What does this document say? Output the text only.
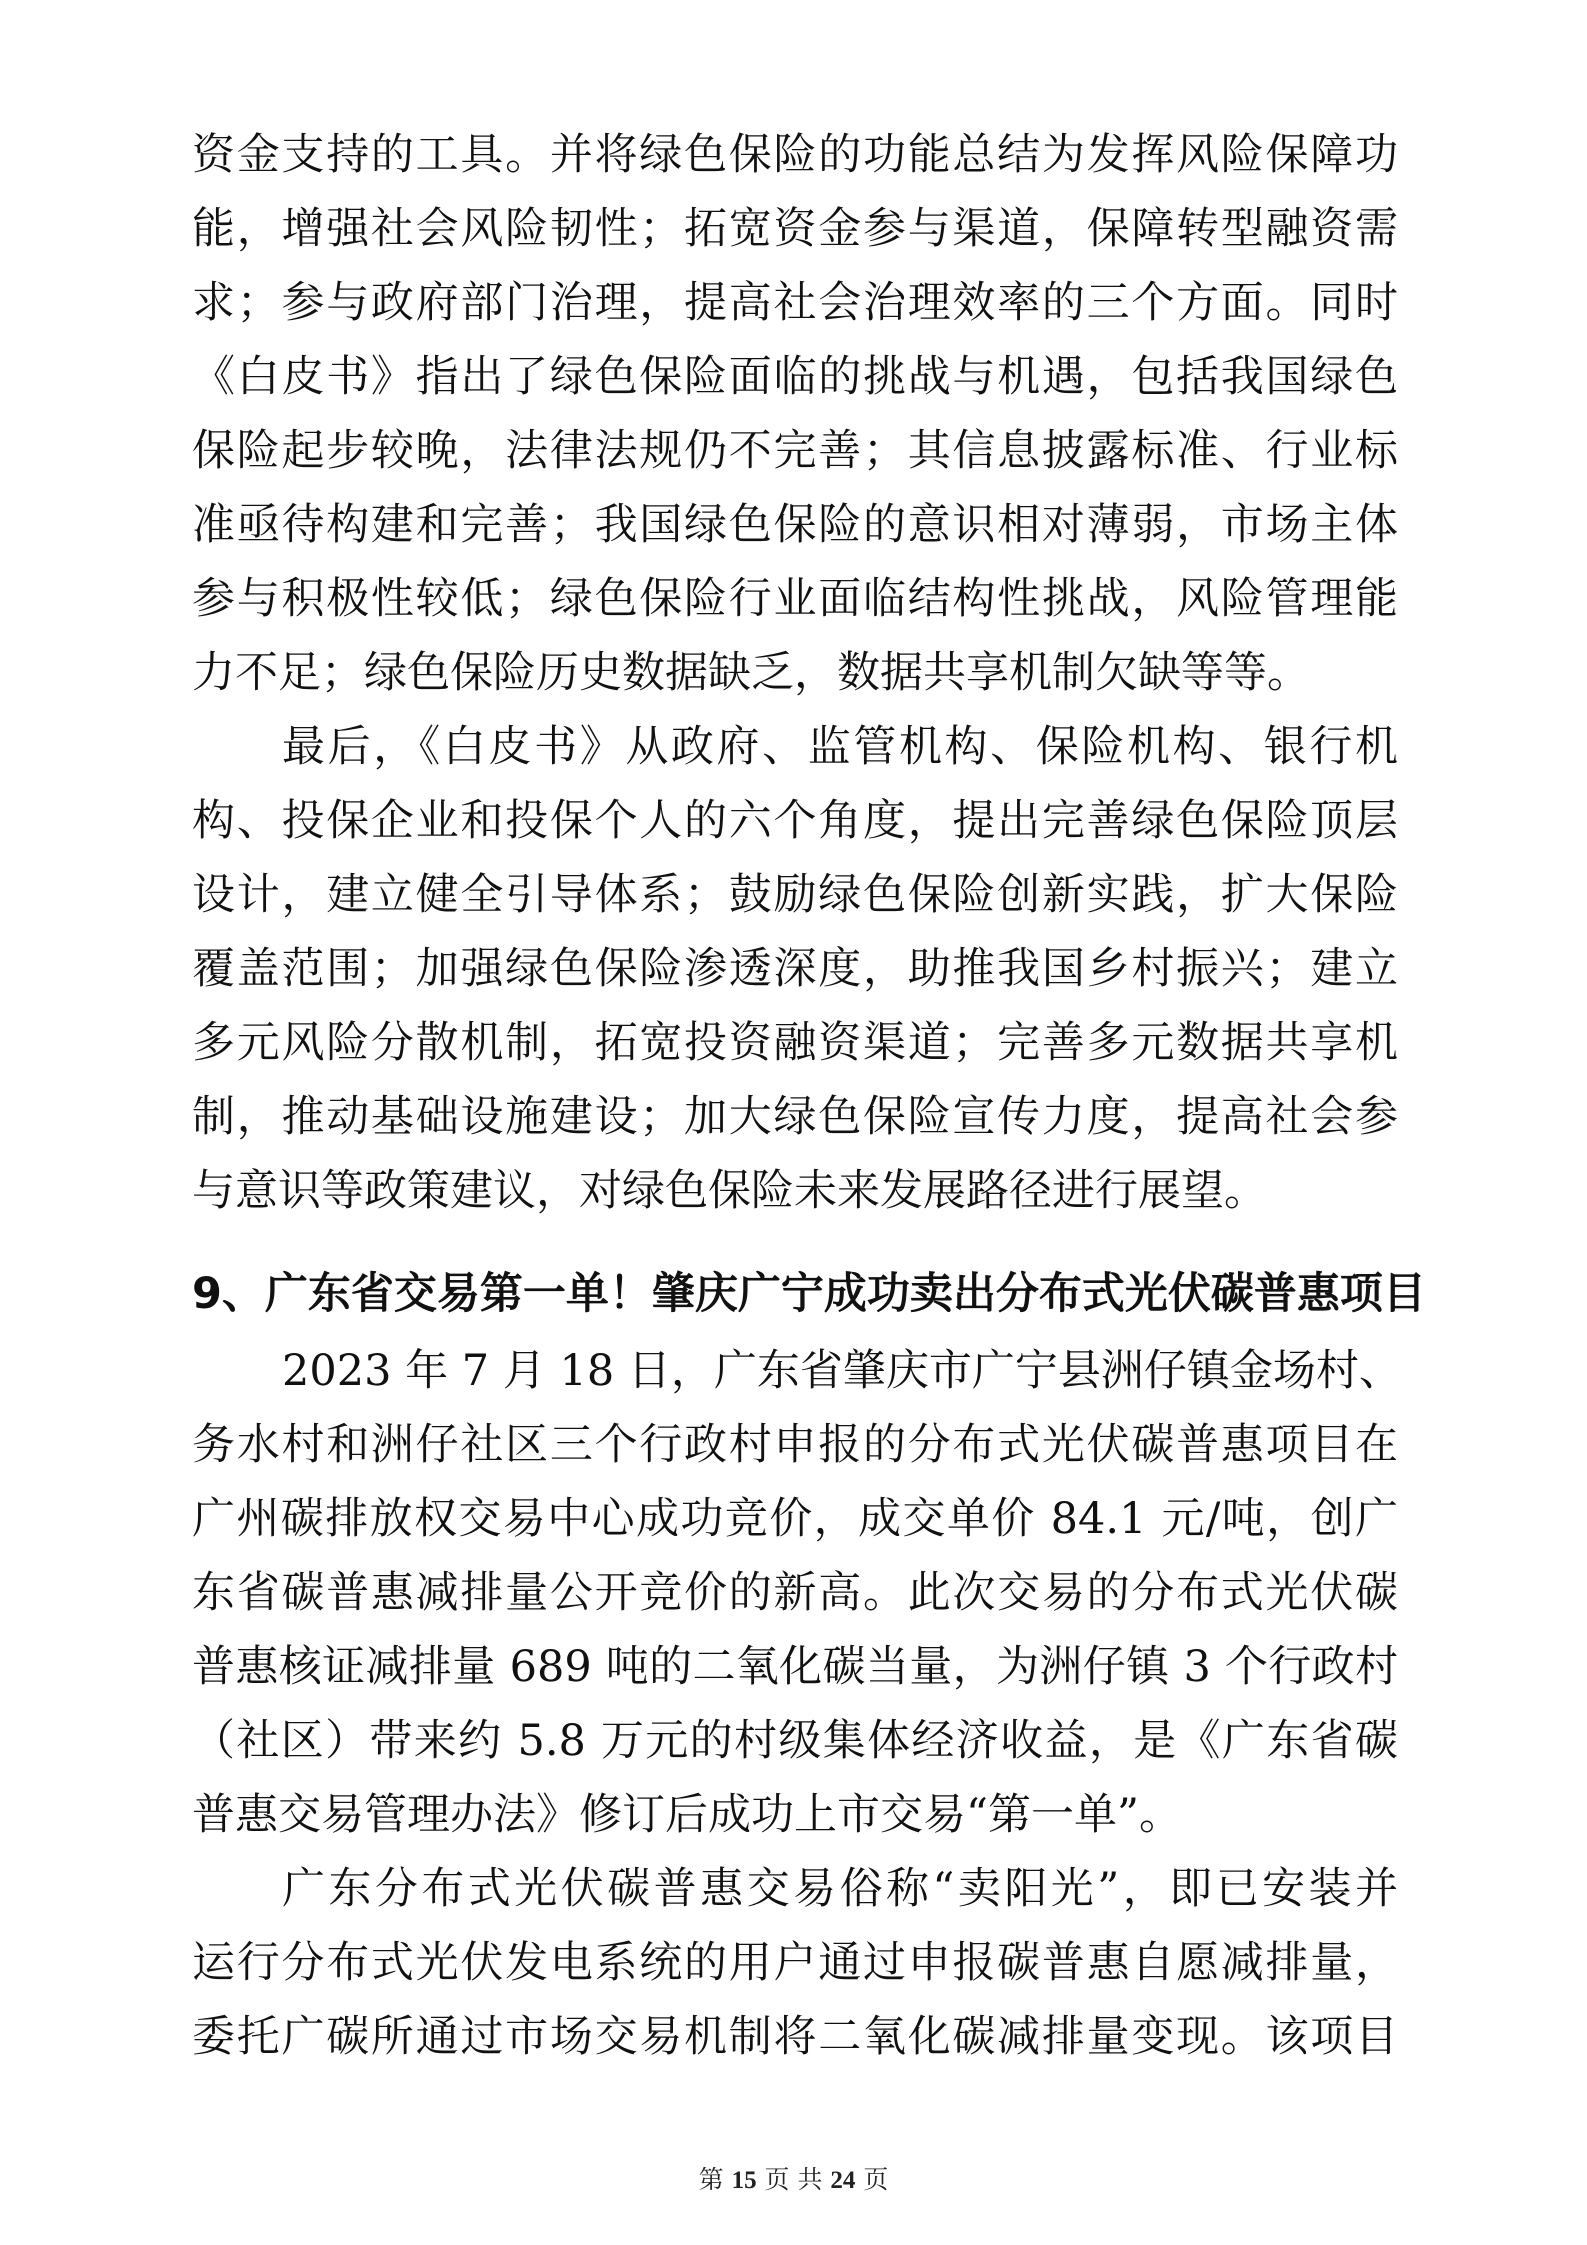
资金支持的工具。并将绿色保险的功能总结为发挥风险保障功
能，增强社会风险韧性；拓宽资金参与渠道，保障转型融资需
求；参与政府部门治理，提高社会治理效率的三个方面。同时
《白皮书》指出了绿色保险面临的挑战与机遇，包括我国绿色
保险起步较晚，法律法规仍不完善；其信息披露标准、行业标
准亟待构建和完善；我国绿色保险的意识相对薄弱，市场主体
参与积极性较低；绿色保险行业面临结构性挑战，风险管理能
力不足；绿色保险历史数据缺乏，数据共享机制欠缺等等。
最后，《白皮书》从政府、监管机构、保险机构、银行机
构、投保企业和投保个人的六个角度，提出完善绿色保险顶层
设计，建立健全引导体系；鼓励绿色保险创新实践，扩大保险
覆盖范围；加强绿色保险渗透深度，助推我国乡村振兴；建立
多元风险分散机制，拓宽投资融资渠道；完善多元数据共享机
制，推动基础设施建设；加大绿色保险宣传力度，提高社会参
与意识等政策建议，对绿色保险未来发展路径进行展望。
9、广东省交易第一单！肇庆广宁成功卖出分布式光伏碳普惠项目
2023 年 7 月 18 日，广东省肇庆市广宁县洲仔镇金场村、
务水村和洲仔社区三个行政村申报的分布式光伏碳普惠项目在
广州碳排放权交易中心成功竞价，成交单价 84.1 元/吨，创广
东省碳普惠减排量公开竞价的新高。此次交易的分布式光伏碳
普惠核证减排量 689 吨的二氧化碳当量，为洲仔镇 3 个行政村
（社区）带来约 5.8 万元的村级集体经济收益，是《广东省碳
普惠交易管理办法》修订后成功上市交易“第一单”。
广东分布式光伏碳普惠交易俗称“卖阳光”，即已安装并
运行分布式光伏发电系统的用户通过申报碳普惠自愿减排量，
委托广碳所通过市场交易机制将二氧化碳减排量变现。该项目
第 15 页 共 24 页
